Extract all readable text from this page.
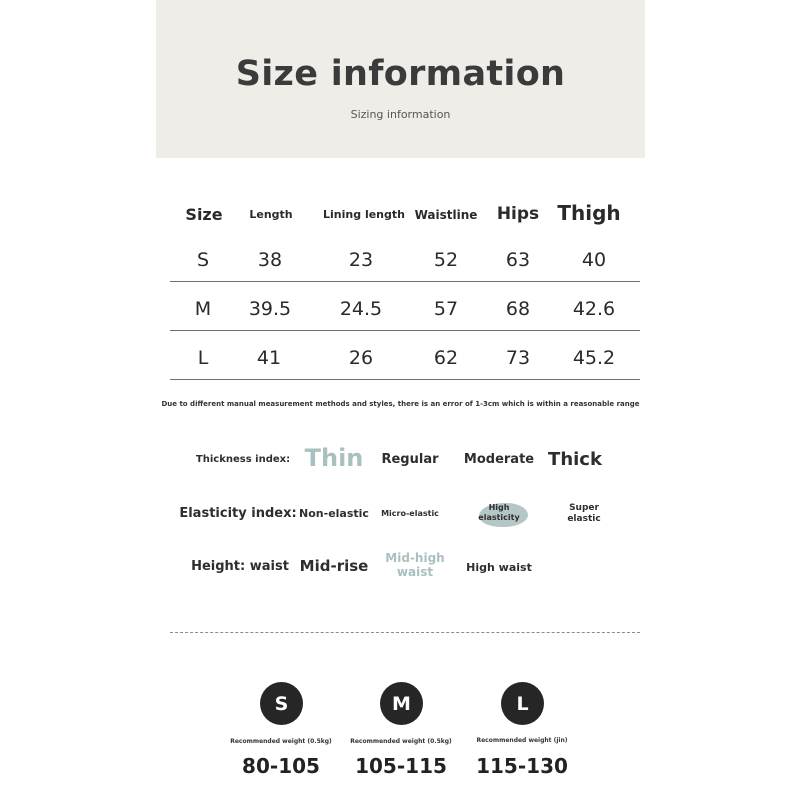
Size information
Sizing information
Size Length	Lining length Waistline Hips Thigh
S	38	23	52	63	40
M 39.5	24.5	57	68 42.6
L	41	26	62	73 45.2
Due to different manual measurement methods and styles, there is an error of 1-3cm which is within a reasonable range
Thickness index: Thin Regular Moderate Thick
Elasticity index: Non-elastic Micro-elastic
High elasticity
Super elastic
Height: waist Mid-rise	Mid-high waist	High waist
S
Recommended weight (0.5kg)
80-105
M
Recommended weight (0.5kg)
105-115
L
Recommended weight (jin)
115-130
